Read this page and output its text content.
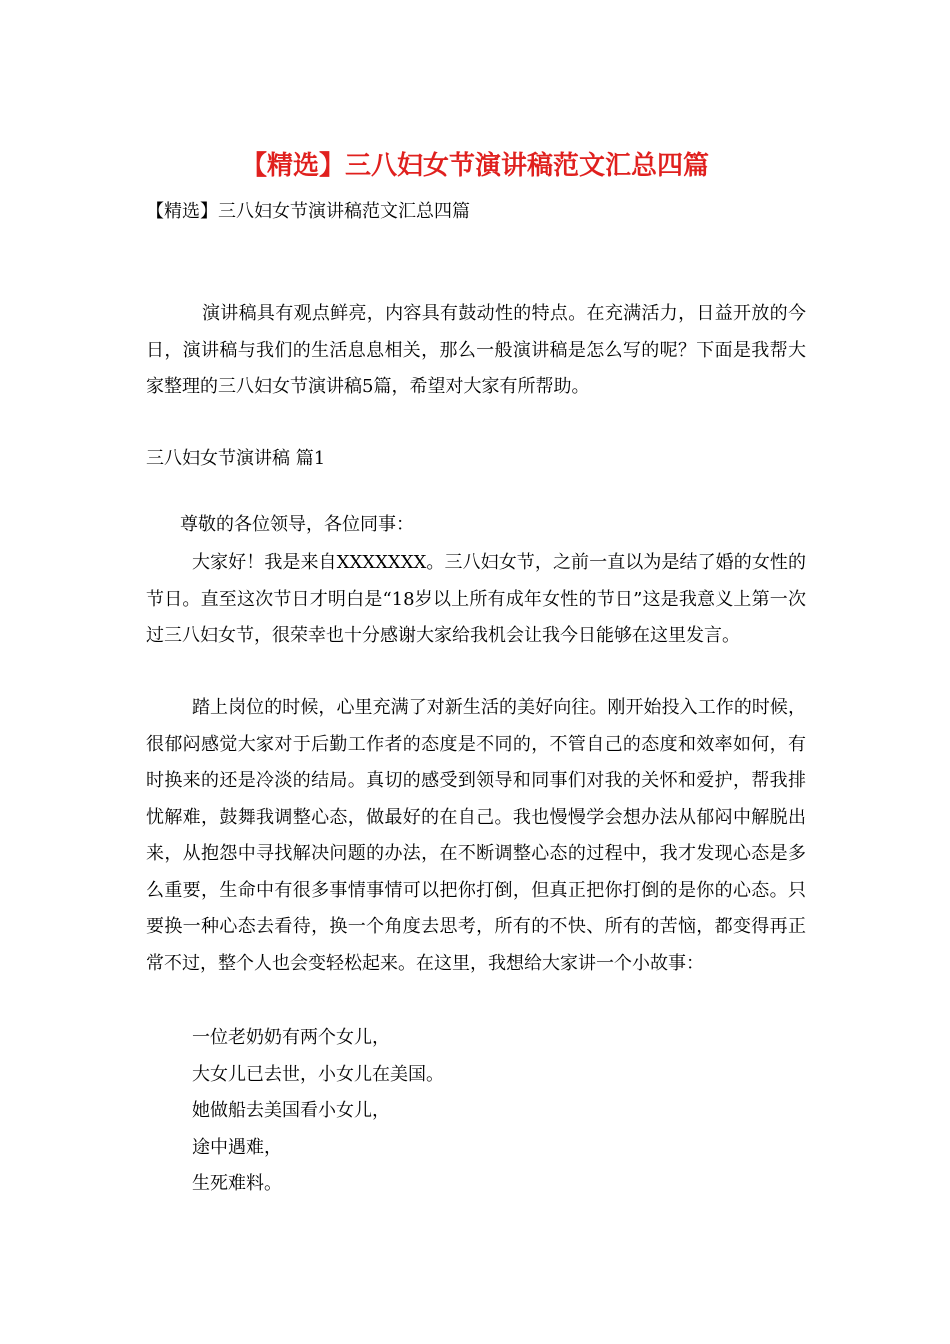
【精选】三八妇女节演讲稿范文汇总四篇

【精选】三八妇女节演讲稿范文汇总四篇

演讲稿具有观点鲜亮，内容具有鼓动性的特点。在充满活力，日益开放的今日，演讲稿与我们的生活息息相关，那么一般演讲稿是怎么写的呢？下面是我帮大家整理的三八妇女节演讲稿5篇，希望对大家有所帮助。

三八妇女节演讲稿 篇1

尊敬的各位领导，各位同事：

大家好！我是来自XXXXXXX。三八妇女节，之前一直以为是结了婚的女性的节日。直至这次节日才明白是“18岁以上所有成年女性的节日”这是我意义上第一次过三八妇女节，很荣幸也十分感谢大家给我机会让我今日能够在这里发言。

踏上岗位的时候，心里充满了对新生活的美好向往。刚开始投入工作的时候，很郁闷感觉大家对于后勤工作者的态度是不同的，不管自己的态度和效率如何，有时换来的还是冷淡的结局。真切的感受到领导和同事们对我的关怀和爱护，帮我排忧解难，鼓舞我调整心态，做最好的在自己。我也慢慢学会想办法从郁闷中解脱出来，从抱怨中寻找解决问题的办法，在不断调整心态的过程中，我才发现心态是多么重要，生命中有很多事情事情可以把你打倒，但真正把你打倒的是你的心态。只要换一种心态去看待，换一个角度去思考，所有的不快、所有的苦恼，都变得再正常不过，整个人也会变轻松起来。在这里，我想给大家讲一个小故事：

一位老奶奶有两个女儿，
大女儿已去世，小女儿在美国。
她做船去美国看小女儿，
途中遇难，
生死难料。
